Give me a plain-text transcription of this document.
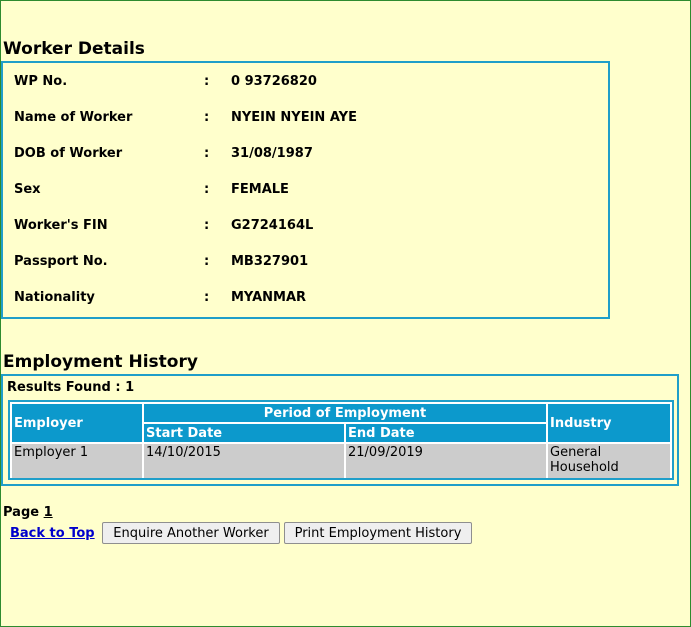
Worker Details
WP No.	: 0 93726820
Name of Worker	: NYEIN NYEIN AYE
DOB of Worker	: 31/08/1987
Sex	: FEMALE
Worker's FIN	: G2724164L
Passport No.	: MB327901
Nationality	: MYANMAR
Employment History
Results Found : 1
Employer	Period of Employment		Industry
	Start Date	End Date	
Employer 1	14/10/2015	21/09/2019	General Household
Page 1
Back to Top	Enquire Another Worker	Print Employment History
